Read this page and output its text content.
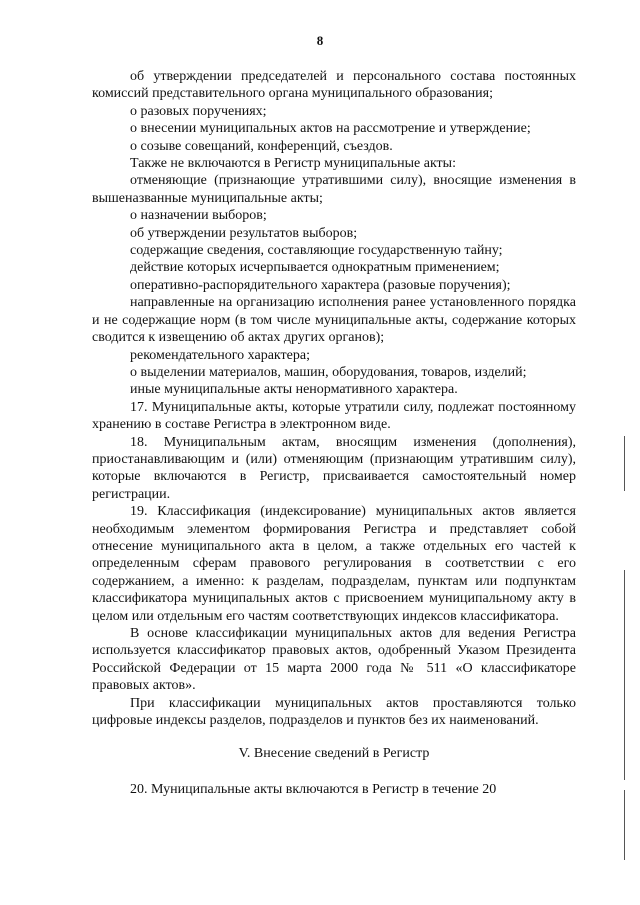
8

об утверждении председателей и персонального состава постоянных комиссий представительного органа муниципального образования;

о разовых поручениях;

о внесении муниципальных актов на рассмотрение и утверждение;

о созыве совещаний, конференций, съездов.

Также не включаются в Регистр муниципальные акты:

отменяющие (признающие утратившими силу), вносящие изменения в вышеназванные муниципальные акты;

о назначении выборов;

об утверждении результатов выборов;

содержащие сведения, составляющие государственную тайну;

действие которых исчерпывается однократным применением;

оперативно-распорядительного характера (разовые поручения);

направленные на организацию исполнения ранее установленного порядка и не содержащие норм (в том числе муниципальные акты, содержание которых сводится к извещению об актах других органов);

рекомендательного характера;

о выделении материалов, машин, оборудования, товаров, изделий;

иные муниципальные акты ненормативного характера.

17. Муниципальные акты, которые утратили силу, подлежат постоянному хранению в составе Регистра в электронном виде.

18. Муниципальным актам, вносящим изменения (дополнения), приостанавливающим и (или) отменяющим (признающим утратившим силу), которые включаются в Регистр, присваивается самостоятельный номер регистрации.

19. Классификация (индексирование) муниципальных актов является необходимым элементом формирования Регистра и представляет собой отнесение муниципального акта в целом, а также отдельных его частей к определенным сферам правового регулирования в соответствии с его содержанием, а именно: к разделам, подразделам, пунктам или подпунктам классификатора муниципальных актов с присвоением муниципальному акту в целом или отдельным его частям соответствующих индексов классификатора.

В основе классификации муниципальных актов для ведения Регистра используется классификатор правовых актов, одобренный Указом Президента Российской Федерации от 15 марта 2000 года № 511 «О классификаторе правовых актов».

При классификации муниципальных актов проставляются только цифровые индексы разделов, подразделов и пунктов без их наименований.

V. Внесение сведений в Регистр

20. Муниципальные акты включаются в Регистр в течение 20
